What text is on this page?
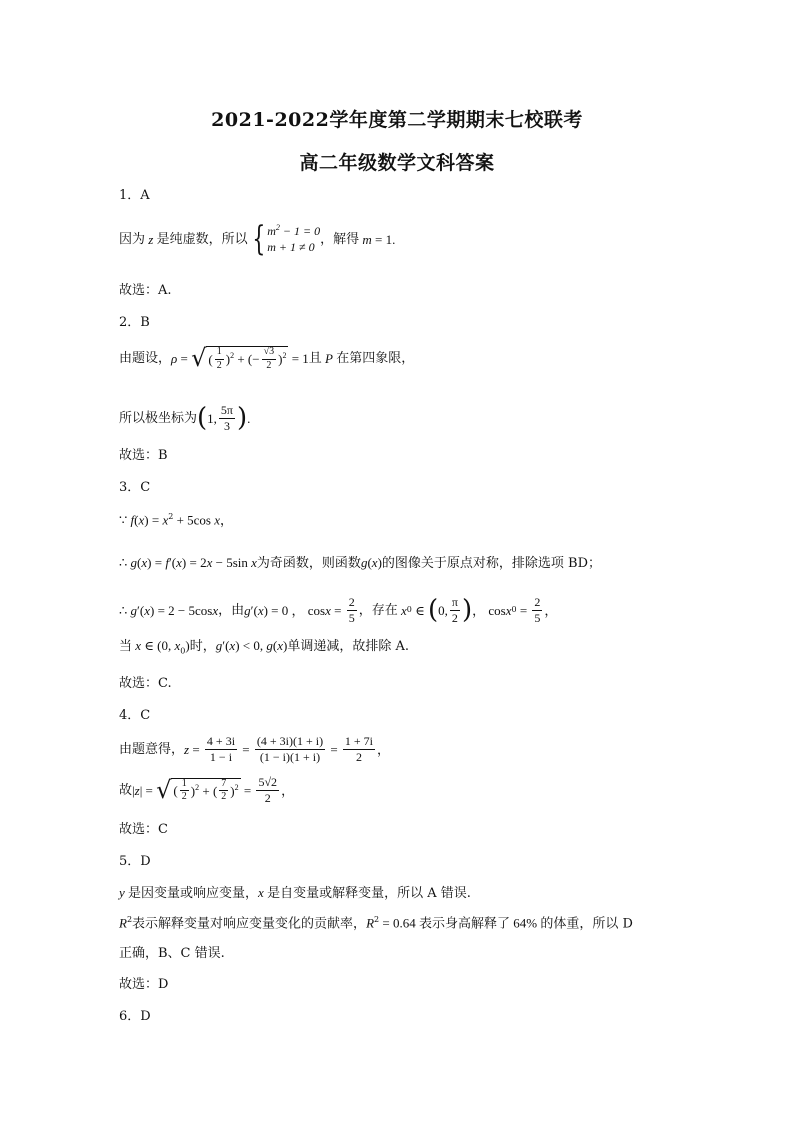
2021-2022学年度第二学期期末七校联考
高二年级数学文科答案
1．A
因为 z 是纯虚数，所以 { $m^2 - 1 = 0$
m + 1 ≠ 0
，解得 m = 1.
故选：A.
2．B
由题设， ρ = √ ( $\frac{1}{2} )^2$ + (− $\frac{√3}{2} )^2 = 1$ 且 P 在第四象限，
所以极坐标为 ( 1, $\frac{5\pi}{3}$ ) .
故选：B
3．C
∵ $f(x) = x^2 + 5\cos$ x，
∴ g(x) = f′(x) = 2x − 5sin x为奇函数，则函数g(x)的图像关于原点对称，排除选项 BD；
∴ g ′( x ) = 2 − 5cos x ，由 g ′( x ) = 0 ， $\cos x = \frac{2}{5}$ ，存在 x 0 ∈ ( 0, $\frac{\pi}{2}$ ) ， cos x $0 = \frac{2}{5}$ ，
当 x ∈ (0, $x_0$)时，g′(x) < 0, g(x)单调递减，故排除 A.
故选：C.
4．C
由题意得， $z = \frac{4 + 3i}{1 - i} = \frac{(4 + 3i)(1 + i)}{(1 - i)(1 + i)} = \frac{1 + 7i}{2}$ ，
故 | z | = √ ( $\frac{1}{2} )^2$ + ( $\frac{7}{2} )^2 = \frac{5√2}{2}$ ，
故选：C
5．D
y 是因变量或响应变量，x 是自变量或解释变量，所以 A 错误.
$R^2$表示解释变量对响应变量变化的贡献率，$R^2 = 0.64$ 表示身高解释了 64% 的体重，所以 D
正确，B、C 错误.
故选：D
6．D
